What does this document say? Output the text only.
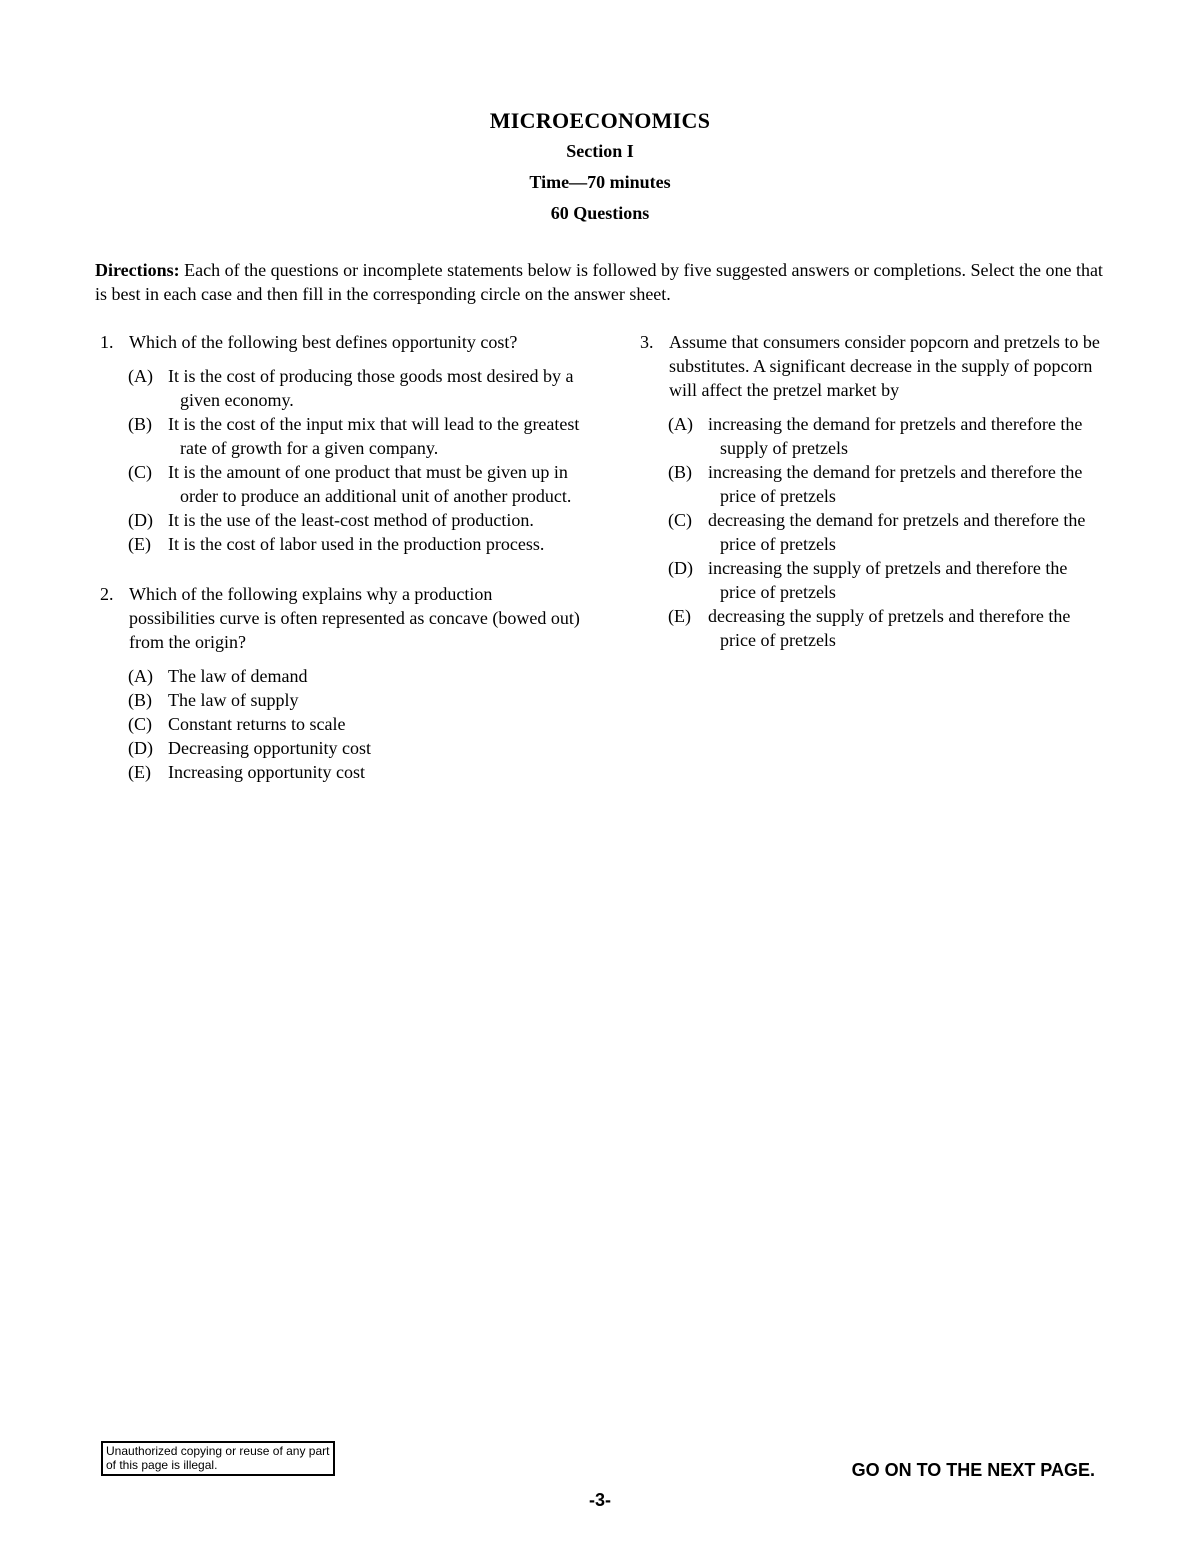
MICROECONOMICS
Section I
Time—70 minutes
60 Questions
Directions: Each of the questions or incomplete statements below is followed by five suggested answers or completions. Select the one that is best in each case and then fill in the corresponding circle on the answer sheet.
1. Which of the following best defines opportunity cost?
(A) It is the cost of producing those goods most desired by a given economy.
(B) It is the cost of the input mix that will lead to the greatest rate of growth for a given company.
(C) It is the amount of one product that must be given up in order to produce an additional unit of another product.
(D) It is the use of the least-cost method of production.
(E) It is the cost of labor used in the production process.
2. Which of the following explains why a production possibilities curve is often represented as concave (bowed out) from the origin?
(A) The law of demand
(B) The law of supply
(C) Constant returns to scale
(D) Decreasing opportunity cost
(E) Increasing opportunity cost
3. Assume that consumers consider popcorn and pretzels to be substitutes. A significant decrease in the supply of popcorn will affect the pretzel market by
(A) increasing the demand for pretzels and therefore the supply of pretzels
(B) increasing the demand for pretzels and therefore the price of pretzels
(C) decreasing the demand for pretzels and therefore the price of pretzels
(D) increasing the supply of pretzels and therefore the price of pretzels
(E) decreasing the supply of pretzels and therefore the price of pretzels
Unauthorized copying or reuse of any part of this page is illegal.	GO ON TO THE NEXT PAGE.
-3-
